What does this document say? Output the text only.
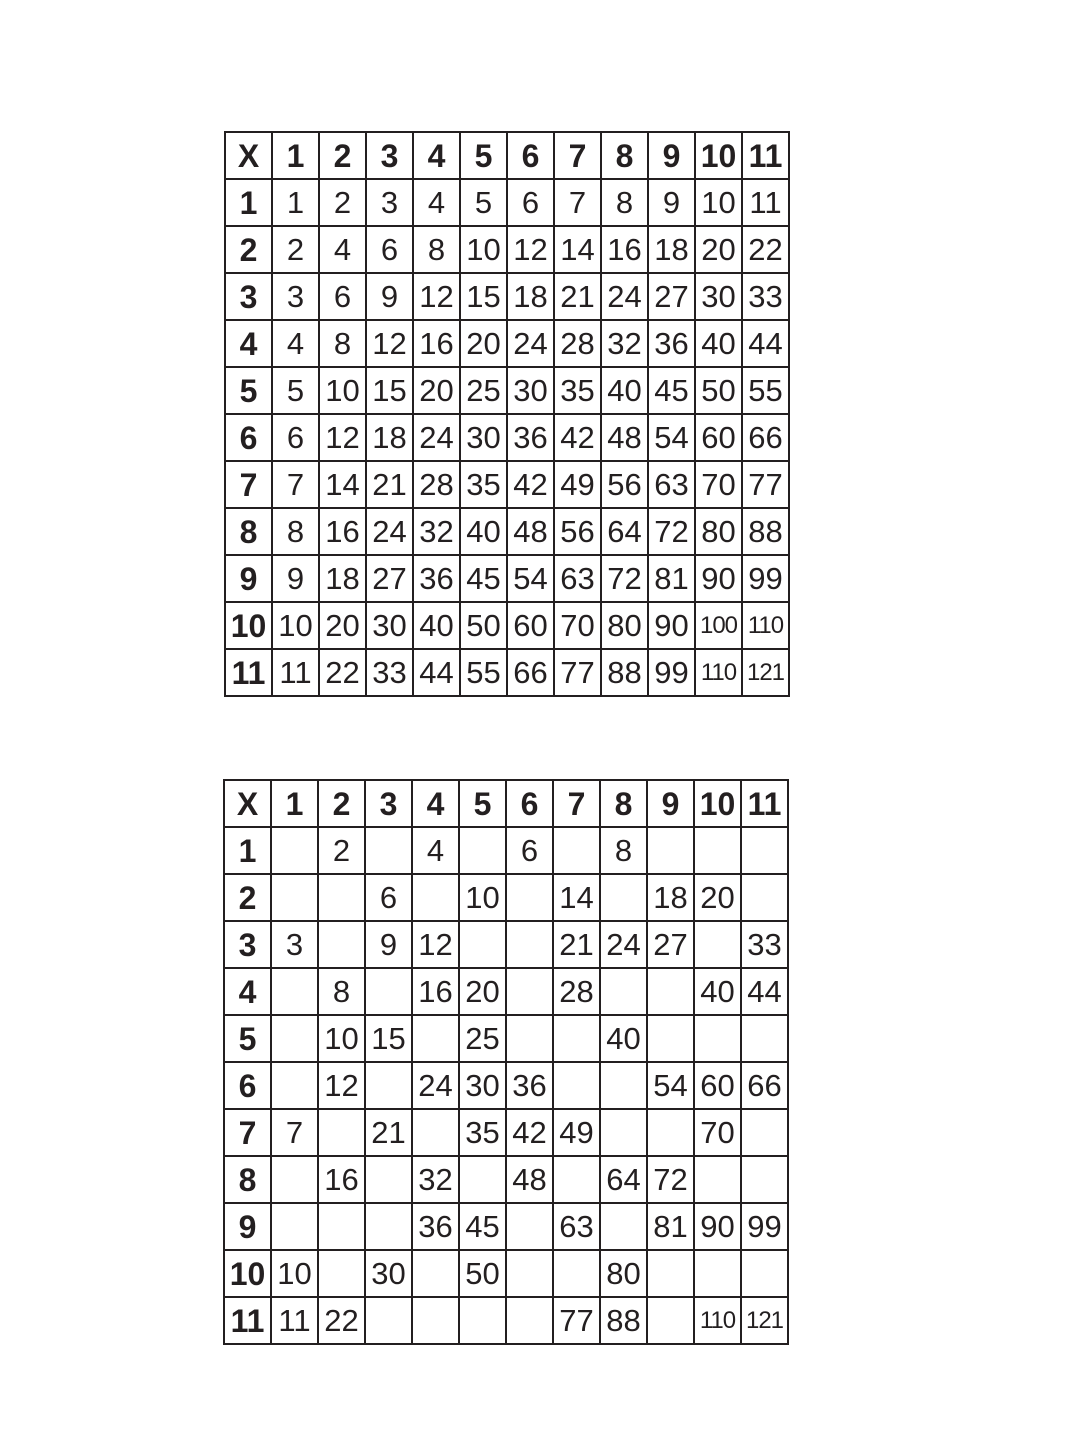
X	1	2	3	4	5	6	7	8	9	10	11
1	1	2	3	4	5	6	7	8	9	10	11
2	2	4	6	8	10	12	14	16	18	20	22
3	3	6	9	12	15	18	21	24	27	30	33
4	4	8	12	16	20	24	28	32	36	40	44
5	5	10	15	20	25	30	35	40	45	50	55
6	6	12	18	24	30	36	42	48	54	60	66
7	7	14	21	28	35	42	49	56	63	70	77
8	8	16	24	32	40	48	56	64	72	80	88
9	9	18	27	36	45	54	63	72	81	90	99
10	10	20	30	40	50	60	70	80	90	100	110
11	11	22	33	44	55	66	77	88	99	110	121
X	1	2	3	4	5	6	7	8	9	10	11
1		2		4		6		8			
2			6		10		14		18	20	
3	3		9	12			21	24	27		33
4		8		16	20		28			40	44
5		10	15		25			40			
6		12		24	30	36			54	60	66
7	7		21		35	42	49			70	
8		16		32		48		64	72		
9				36	45		63		81	90	99
10	10		30		50			80			
11	11	22					77	88		110	121
